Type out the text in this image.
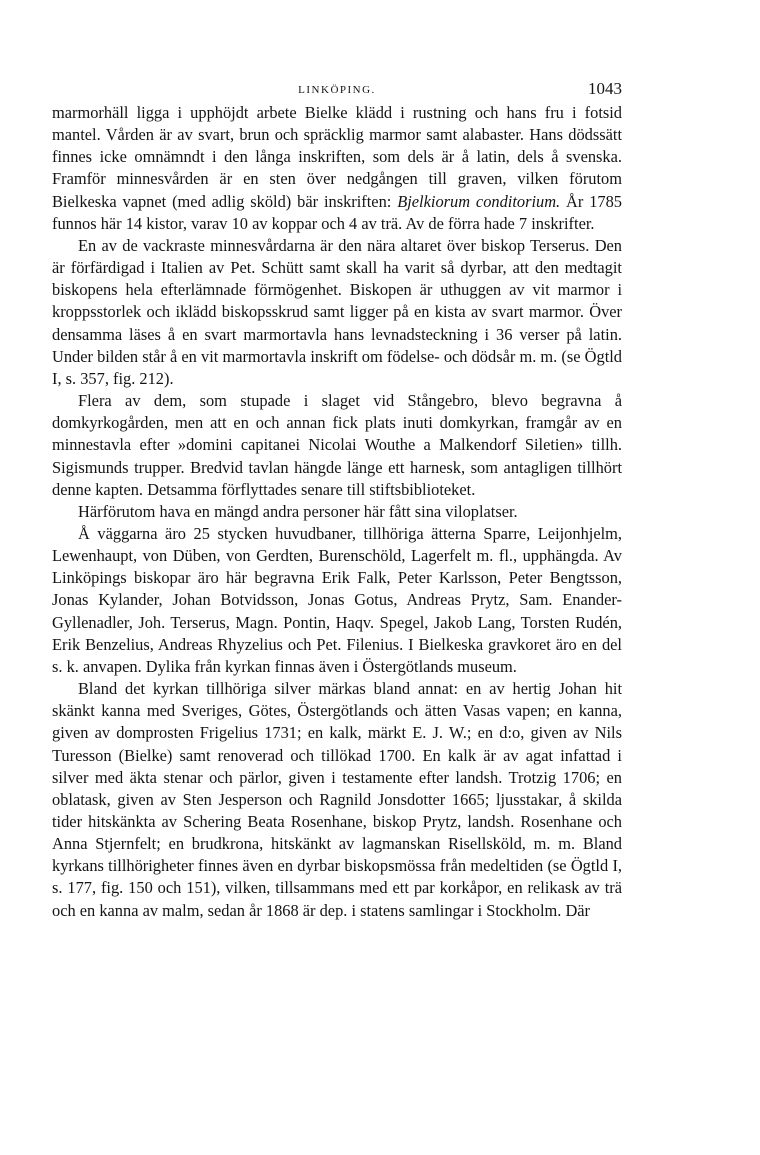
LINKÖPING.	1043

marmorhäll ligga i upphöjdt arbete Bielke klädd i rustning och hans fru i fotsid mantel. Vården är av svart, brun och spräcklig marmor samt alabaster. Hans dödssätt finnes icke omnämndt i den långa inskriften, som dels är å latin, dels å svenska. Framför minnesvården är en sten över nedgången till graven, vilken förutom Bielkeska vapnet (med adlig sköld) bär inskriften: Bjelkiorum conditorium. År 1785 funnos här 14 kistor, varav 10 av koppar och 4 av trä. Av de förra hade 7 inskrifter.

En av de vackraste minnesvårdarna är den nära altaret över biskop Terserus. Den är förfärdigad i Italien av Pet. Schütt samt skall ha varit så dyrbar, att den medtagit biskopens hela efterlämnade förmögenhet. Biskopen är uthuggen av vit marmor i kroppsstorlek och iklädd biskopsskrud samt ligger på en kista av svart marmor. Över densamma läses å en svart marmortavla hans levnadsteckning i 36 verser på latin. Under bilden står å en vit marmortavla inskrift om födelse- och dödsår m. m. (se Ögtld I, s. 357, fig. 212).

Flera av dem, som stupade i slaget vid Stångebro, blevo begravna å domkyrkogården, men att en och annan fick plats inuti domkyrkan, framgår av en minnestavla efter »domini capitanei Nicolai Wouthe a Malkendorf Siletien» tillh. Sigismunds trupper. Bredvid tavlan hängde länge ett harnesk, som antagligen tillhört denne kapten. Detsamma förflyttades senare till stiftsbiblioteket.

Härförutom hava en mängd andra personer här fått sina viloplatser.

Å väggarna äro 25 stycken huvudbaner, tillhöriga ätterna Sparre, Leijonhjelm, Lewenhaupt, von Düben, von Gerdten, Burenschöld, Lagerfelt m. fl., upphängda. Av Linköpings biskopar äro här begravna Erik Falk, Peter Karlsson, Peter Bengtsson, Jonas Kylander, Johan Botvidsson, Jonas Gotus, Andreas Prytz, Sam. Enander-Gyllenadler, Joh. Terserus, Magn. Pontin, Haqv. Spegel, Jakob Lang, Torsten Rudén, Erik Benzelius, Andreas Rhyzelius och Pet. Filenius. I Bielkeska gravkoret äro en del s. k. anvapen. Dylika från kyrkan finnas även i Östergötlands museum.

Bland det kyrkan tillhöriga silver märkas bland annat: en av hertig Johan hit skänkt kanna med Sveriges, Götes, Östergötlands och ätten Vasas vapen; en kanna, given av domprosten Frigelius 1731; en kalk, märkt E. J. W.; en d:o, given av Nils Turesson (Bielke) samt renoverad och tillökad 1700. En kalk är av agat infattad i silver med äkta stenar och pärlor, given i testamente efter landsh. Trotzig 1706; en oblatask, given av Sten Jesperson och Ragnild Jonsdotter 1665; ljusstakar, å skilda tider hitskänkta av Schering Beata Rosenhane, biskop Prytz, landsh. Rosenhane och Anna Stjernfelt; en brudkrona, hitskänkt av lagmanskan Risellsköld, m. m. Bland kyrkans tillhörigheter finnes även en dyrbar biskopsmössa från medeltiden (se Ögtld I, s. 177, fig. 150 och 151), vilken, tillsammans med ett par korkåpor, en relikask av trä och en kanna av malm, sedan år 1868 är dep. i statens samlingar i Stockholm. Där
